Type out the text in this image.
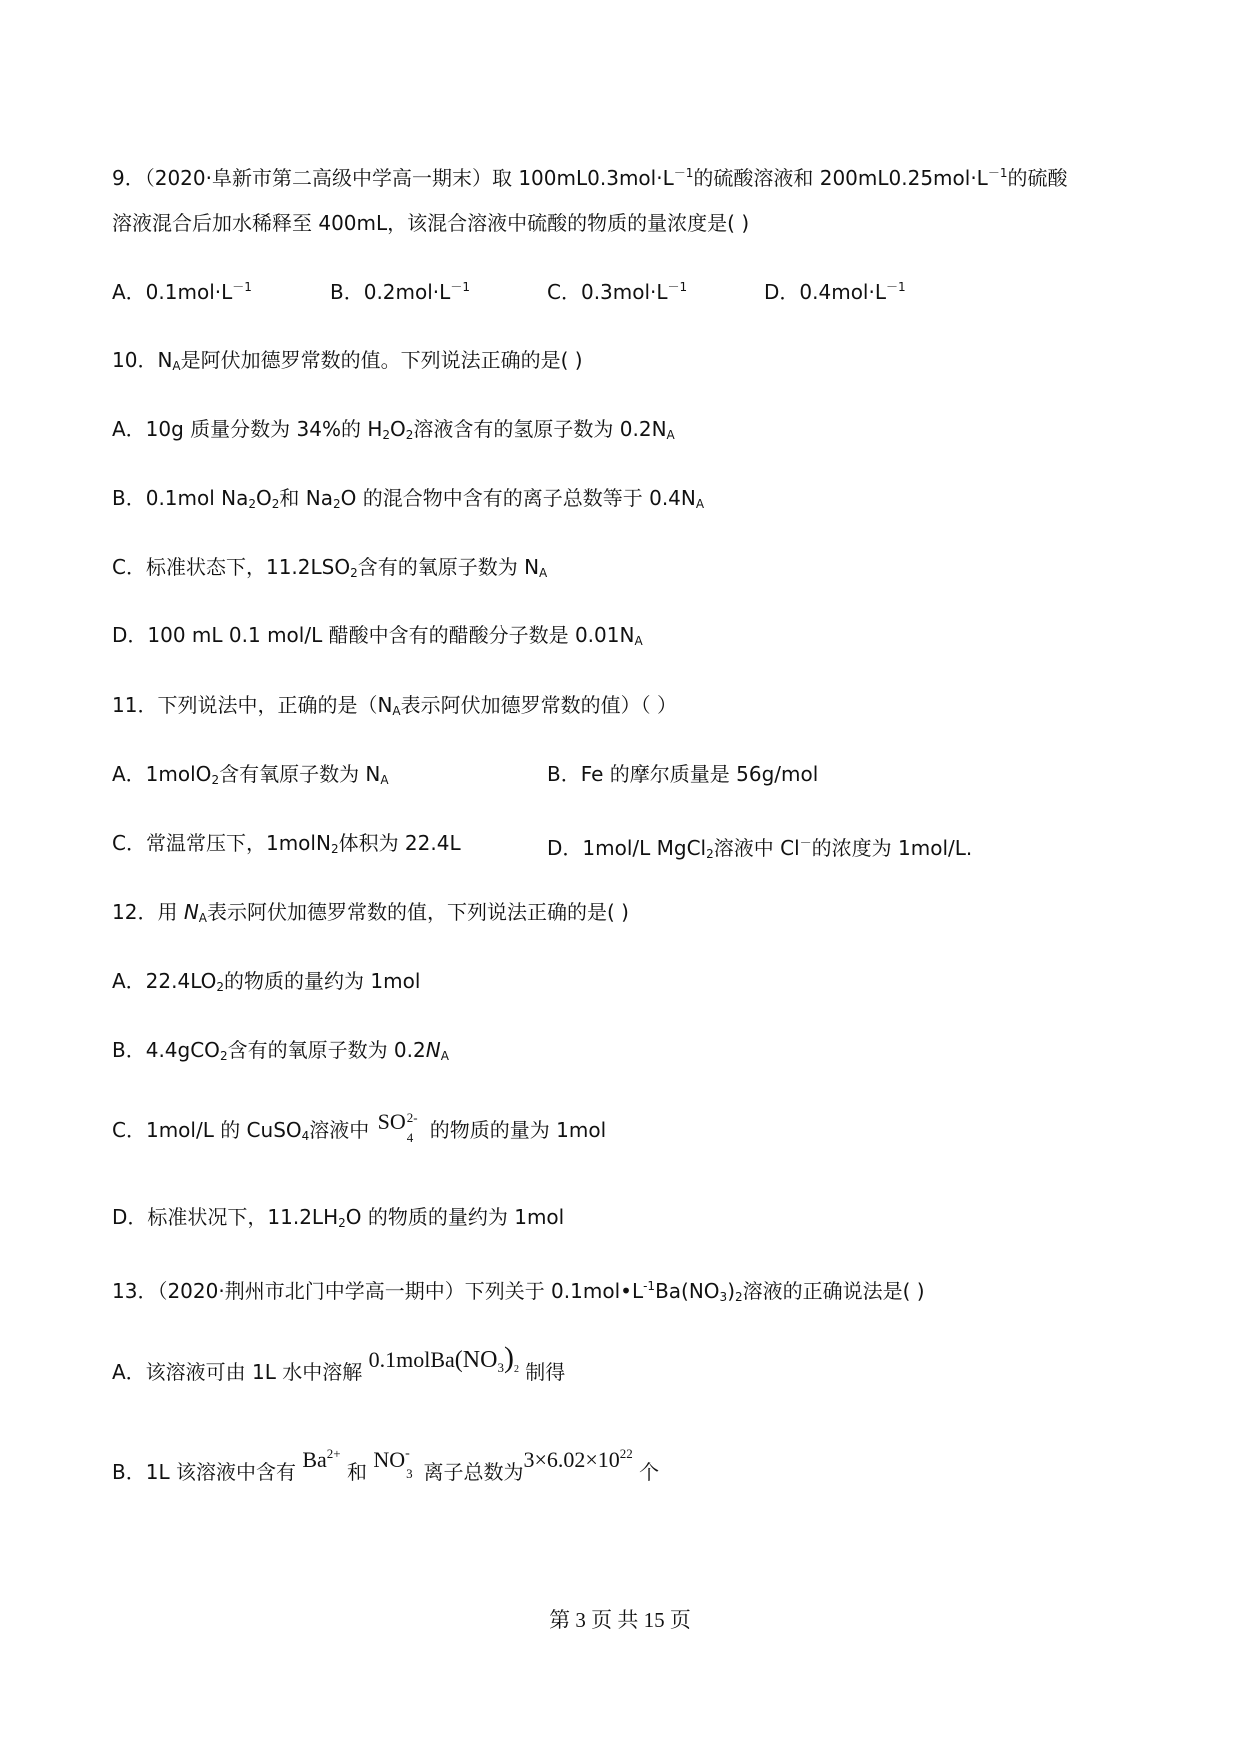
9．（2020·阜新市第二高级中学高一期末）取 $100mL0.3mol\cdot L^{-1}$的硫酸溶液和 $200mL0.25mol\cdot L^{-1}$的硫酸
溶液混合后加水稀释至 400mL，该混合溶液中硫酸的物质的量浓度是( )
A．$0.1mol\cdot L^{-1}$	B．$0.2mol\cdot L^{-1}$	C．$0.3mol\cdot L^{-1}$	D．$0.4mol\cdot L^{-1}$
10．$N_A$是阿伏加德罗常数的值。下列说法正确的是( )
A．10g 质量分数为 34%的 $H_2O_2$溶液含有的氢原子数为 $0.2N_A$
B．0.1mol $Na_2O_2$和 $Na_2O$ 的混合物中含有的离子总数等于 $0.4N_A$
C．标准状态下，$11.2LSO_2$含有的氧原子数为 $N_A$
D．100 mL 0.1 mol/L 醋酸中含有的醋酸分子数是 $0.01N_A$
11．下列说法中，正确的是（$N_A$表示阿伏加德罗常数的值）（ ）
A．1molO$_2$含有氧原子数为 $N_A$	B．Fe 的摩尔质量是 56g/mol
C．常温常压下，1molN$_2$体积为 22.4L	D．1mol/L MgCl$_2$溶液中 Cl－的浓度为 1mol/L.
12．用 $N_A$表示阿伏加德罗常数的值，下列说法正确的是( )
A．$22.4LO_2$的物质的量约为 1mol
B．4.4gCO$_2$含有的氧原子数为 $0.2N_A$
C．1mol/L 的 CuSO$_4$溶液中 SO 2-
4 的物质的量为 1mol
D．标准状况下，$11.2LH_2O$ 的物质的量约为 1mol
13．（2020·荆州市北门中学高一期中）下列关于 $0.1mol•L^{-1}Ba(NO_3)_2$溶液的正确说法是( )
A．该溶液可由 1L 水中溶解 $0.1molBa(NO_3)_2$ 制得
B．1L 该溶液中含有 $Ba^{2+}$ 和 NO -
3 离子总数为$3\times 6.02\times 10^{22}$ 个
第 3 页 共 15 页
